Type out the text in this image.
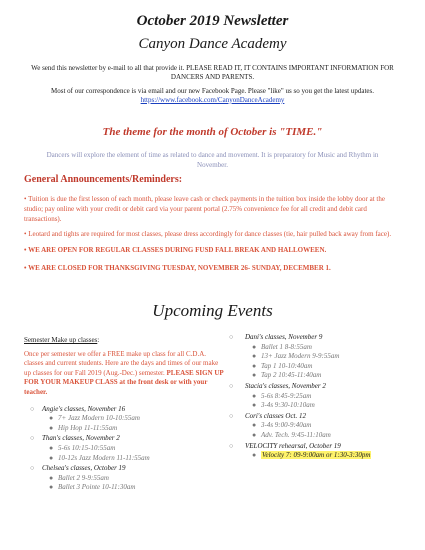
October 2019 Newsletter
Canyon Dance Academy

We send this newsletter by e-mail to all that provide it. PLEASE READ IT, IT CONTAINS IMPORTANT INFORMATION FOR DANCERS AND PARENTS.

Most of our correspondence is via email and our new Facebook Page. Please "like" us so you get the latest updates.
https://www.facebook.com/CanyonDanceAcademy

The theme for the month of October is "TIME."
Dancers will explore the element of time as related to dance and movement. It is preparatory for Music and Rhythm in November.
General Announcements/Reminders:
• Tuition is due the first lesson of each month, please leave cash or check payments in the tuition box inside the lobby door at the studio; pay online with your credit or debit card via your parent portal (2.75% convenience fee for all credit and debit card transactions).
• Leotard and tights are required for most classes, please dress accordingly for dance classes (tie, hair pulled back away from face).
• WE ARE OPEN FOR REGULAR CLASSES DURING FUSD FALL BREAK AND HALLOWEEN.
• WE ARE CLOSED FOR THANKSGIVING TUESDAY, NOVEMBER 26- SUNDAY, DECEMBER 1.
Upcoming Events
Semester Make up classes:
Once per semester we offer a FREE make up class for all C.D.A. classes and current students. Here are the days and times of our make up classes for our Fall 2019 (Aug.-Dec.) semester. PLEASE SIGN UP FOR YOUR MAKEUP CLASS at the front desk or with your teacher.
○ Angie's classes, November 16
● 7+ Jazz Modern 10-10:55am
● Hip Hop 11-11:55am
○ Than's classes, November 2
● 5-6s 10:15-10:55am
● 10-12s Jazz Modern 11-11:55am
○ Chelsea's classes, October 19
● Ballet 2 9-9:55am
● Ballet 3 Pointe 10-11:30am
○ Dani's classes, November 9
● Ballet 1 8-8:55am
● 13+ Jazz Modern 9-9:55am
● Tap 1 10-10:40am
● Tap 2 10:45-11:40am
○ Stacia's classes, November 2
● 5-6s 8:45-9:25am
● 3-4s 9:30-10:10am
○ Cori's classes Oct. 12
● 3-4s 9:00-9:40am
● Adv. Tech. 9:45-11:10am
○ VELOCITY rehearsal, October 19
● Velocity 7: 09-9:00am or 1:30-3:30pm
